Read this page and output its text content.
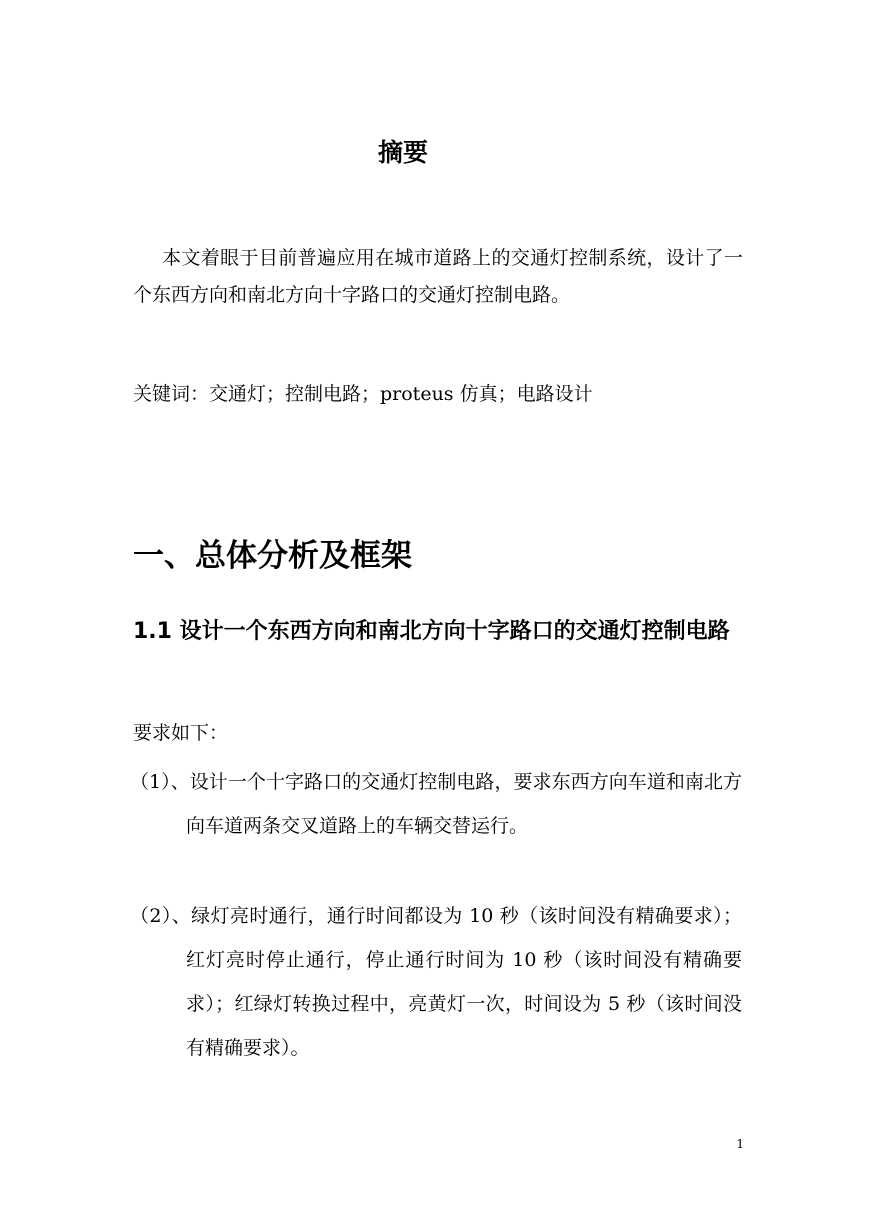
摘要

本文着眼于目前普遍应用在城市道路上的交通灯控制系统，设计了一个东西方向和南北方向十字路口的交通灯控制电路。

关键词：交通灯；控制电路；proteus 仿真；电路设计

一、总体分析及框架
1.1 设计一个东西方向和南北方向十字路口的交通灯控制电路

要求如下：

（1）、设计一个十字路口的交通灯控制电路，要求东西方向车道和南北方向车道两条交叉道路上的车辆交替运行。

（2）、绿灯亮时通行，通行时间都设为 10 秒（该时间没有精确要求）；红灯亮时停止通行，停止通行时间为 10 秒（该时间没有精确要求）；红绿灯转换过程中，亮黄灯一次，时间设为 5 秒（该时间没有精确要求）。

1
